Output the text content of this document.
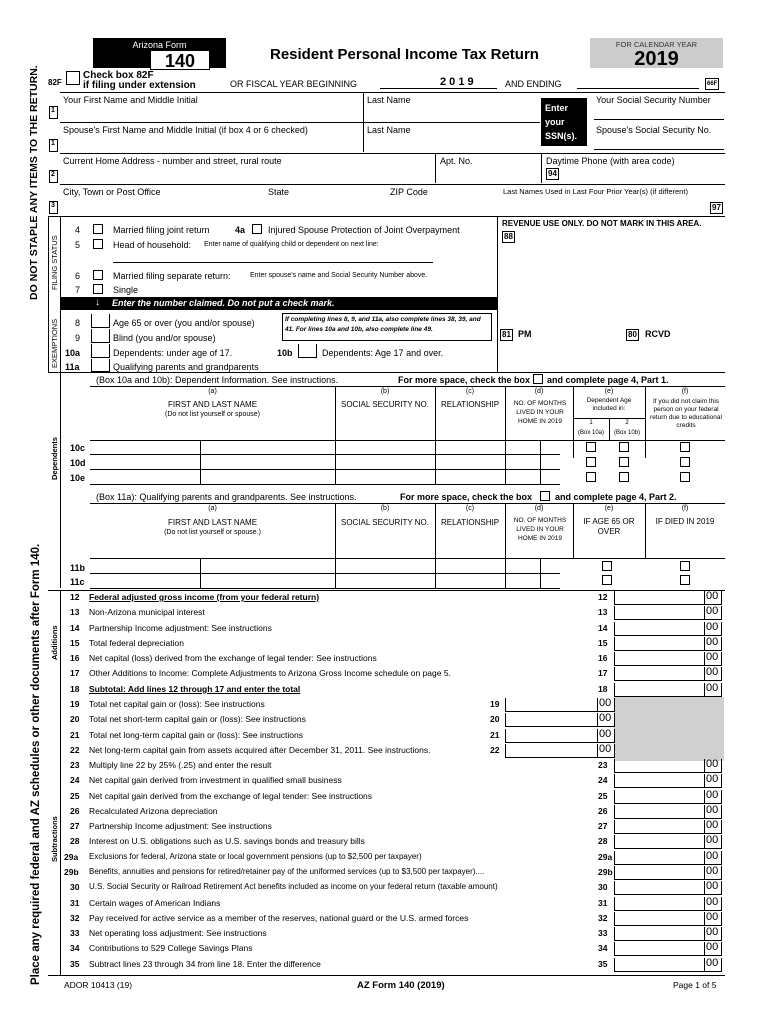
Place any required federal and AZ schedules or other documents after Form 140.
DO NOT STAPLE ANY ITEMS TO THE RETURN.
Arizona Form
140	Resident Personal Income Tax Return
FOR CALENDAR YEAR
2019
82F
Check box 82F
if filing under extension	OR FISCAL YEAR BEGINNING	2 0 1 9	AND ENDING	66F
Your First Name and Middle Initial	Last Name
Enter your SSN(s).
Your Social Security Number
1
Spouse's First Name and Middle Initial (if box 4 or 6 checked)	Last Name	Spouse's Social Security No.
1
Current Home Address - number and street, rural route	Apt. No.	Daytime Phone (with area code)
94
2
City, Town or Post Office	State	ZIP Code	Last Names Used in Last Four Prior Year(s) (if different)
97
3
FILING STATUS
EXEMPTIONS
4	Married filing joint return	4a	Injured Spouse Protection of Joint Overpayment
5	Head of household: Enter name of qualifying child or dependent on next line:
6	Married filing separate return:	Enter spouse's name and Social Security Number above.
7	Single
REVENUE USE ONLY. DO NOT MARK IN THIS AREA.
88
↓ Enter the number claimed. Do not put a check mark.
8	Age 65 or over (you and/or spouse)
9	Blind (you and/or spouse)
If completing lines 8, 9, and 11a, also complete lines 38, 39, and 41. For lines 10a and 10b, also complete line 49.
10a	Dependents: under age of 17.	10b	Dependents: Age 17 and over.
11a	Qualifying parents and grandparents
81 PM	80 RCVD
Dependents
(Box 10a and 10b): Dependent Information. See instructions.	For more space, check the box and complete page 4, Part 1.
(a)
FIRST AND LAST NAME
(Do not list yourself or spouse)
(b)
SOCIAL SECURITY NO.
(c)
RELATIONSHIP
(d)
NO. OF MONTHS LIVED IN YOUR HOME IN 2019
(e)
Dependent Age included in:
1	2
(Box 10a)	(Box 10b)
(f)
If you did not claim this person on your federal return due to educational credits
10c
10d
10e
(Box 11a): Qualifying parents and grandparents. See instructions.	For more space, check the box	and complete page 4, Part 2.
(a)
FIRST AND LAST NAME
(Do not list yourself or spouse.)
(b)
SOCIAL SECURITY NO.
(c)
RELATIONSHIP
(d)
NO. OF MONTHS LIVED IN YOUR HOME IN 2019
(e)
IF AGE 65 OR OVER
(f)
IF DIED IN 2019
11b
11c
Additions
Subtractions
12 Federal adjusted gross income (from your federal return)	12	00
13 Non-Arizona municipal interest	13	00
14 Partnership Income adjustment: See instructions	14	00
15 Total federal depreciation	15	00
16 Net capital (loss) derived from the exchange of legal tender: See instructions	16	00
17 Other Additions to Income: Complete Adjustments to Arizona Gross Income schedule on page 5.	17	00
18 Subtotal: Add lines 12 through 17 and enter the total	18	00
19 Total net capital gain or (loss): See instructions	19	00
20 Total net short-term capital gain or (loss): See instructions	20	00
21 Total net long-term capital gain or (loss): See instructions	21	00
22 Net long-term capital gain from assets acquired after December 31, 2011. See instructions.	22	00
23 Multiply line 22 by 25% (.25) and enter the result	23	00
24 Net capital gain derived from investment in qualified small business	24	00
25 Net capital gain derived from the exchange of legal tender: See instructions	25	00
26 Recalculated Arizona depreciation	26	00
27 Partnership Income adjustment: See instructions	27	00
28 Interest on U.S. obligations such as U.S. savings bonds and treasury bills	28	00
29a Exclusions for federal, Arizona state or local government pensions (up to $2,500 per taxpayer)	29a	00
29b Benefits, annuities and pensions for retired/retainer pay of the uniformed services (up to $3,500 per taxpayer)....	29b	00
30 U.S. Social Security or Railroad Retirement Act benefits included as income on your federal return (taxable amount)	30	00
31 Certain wages of American Indians	31	00
32 Pay received for active service as a member of the reserves, national guard or the U.S. armed forces	32	00
33 Net operating loss adjustment: See instructions	33	00
34 Contributions to 529 College Savings Plans	34	00
35 Subtract lines 23 through 34 from line 18. Enter the difference	35	00
ADOR 10413 (19)	AZ Form 140 (2019)	Page 1 of 5
